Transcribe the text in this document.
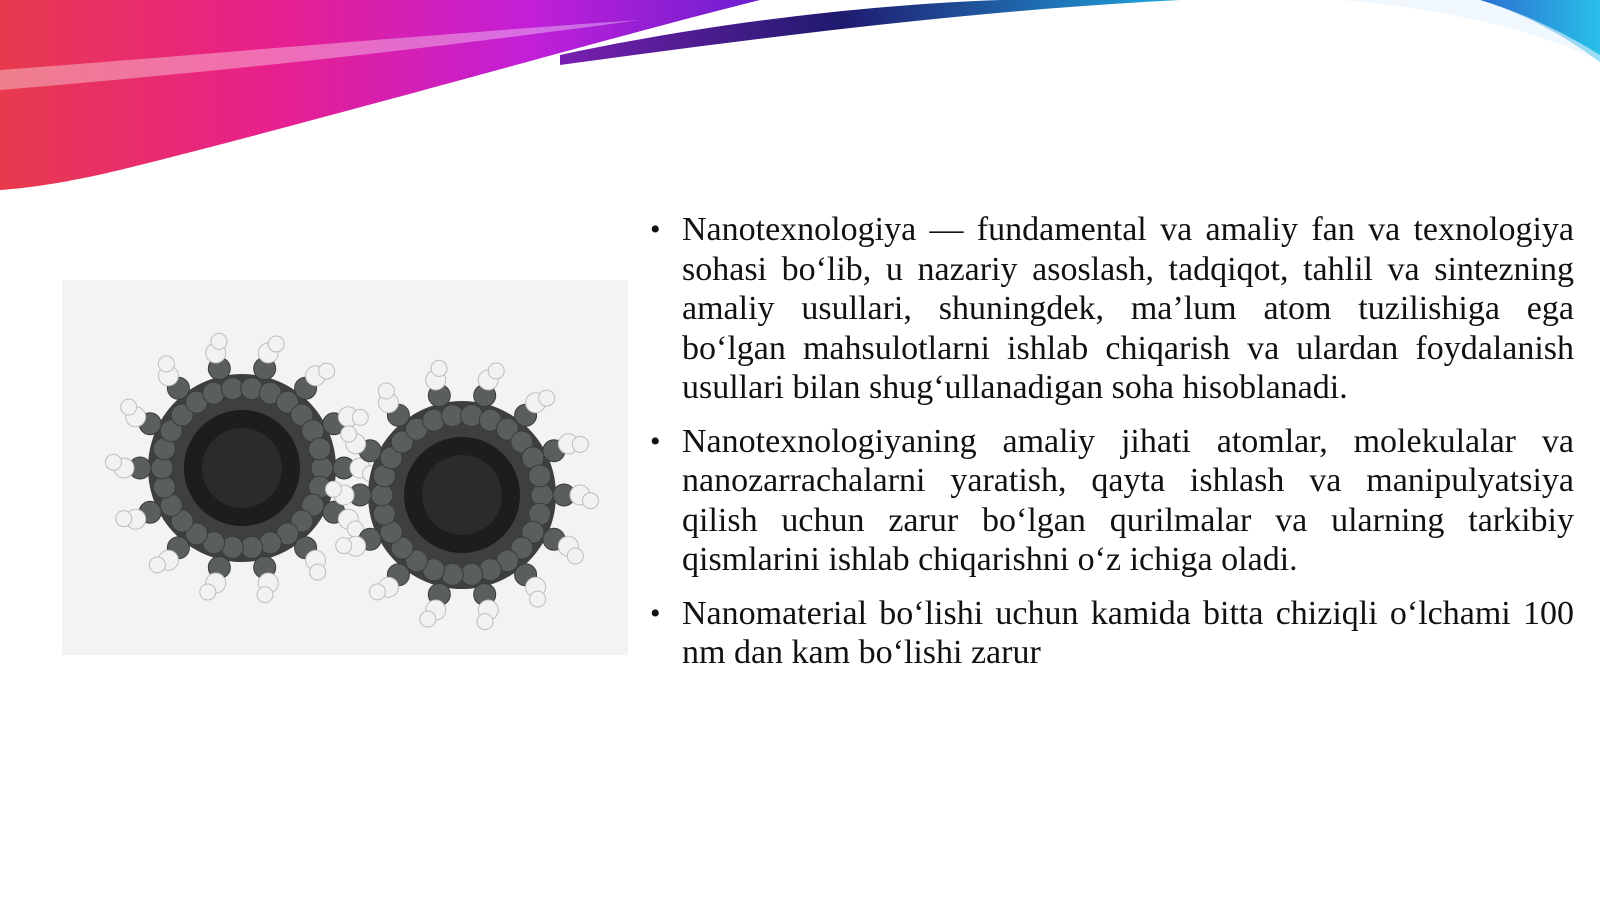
• Nanotexnologiya — fundamental va amaliy fan va texnologiya sohasi bo‘lib, u nazariy asoslash, tadqiqot, tahlil va sintezning amaliy usullari, shuningdek, ma’lum atom tuzilishiga ega bo‘lgan mahsulotlarni ishlab chiqarish va ulardan foydalanish usullari bilan shug‘ullanadigan soha hisoblanadi.
• Nanotexnologiyaning amaliy jihati atomlar, molekulalar va nanozarrachalarni yaratish, qayta ishlash va manipulyatsiya qilish uchun zarur bo‘lgan qurilmalar va ularning tarkibiy qismlarini ishlab chiqarishni o‘z ichiga oladi.
• Nanomaterial bo‘lishi uchun kamida bitta chiziqli o‘lchami 100 nm dan kam bo‘lishi zarur
